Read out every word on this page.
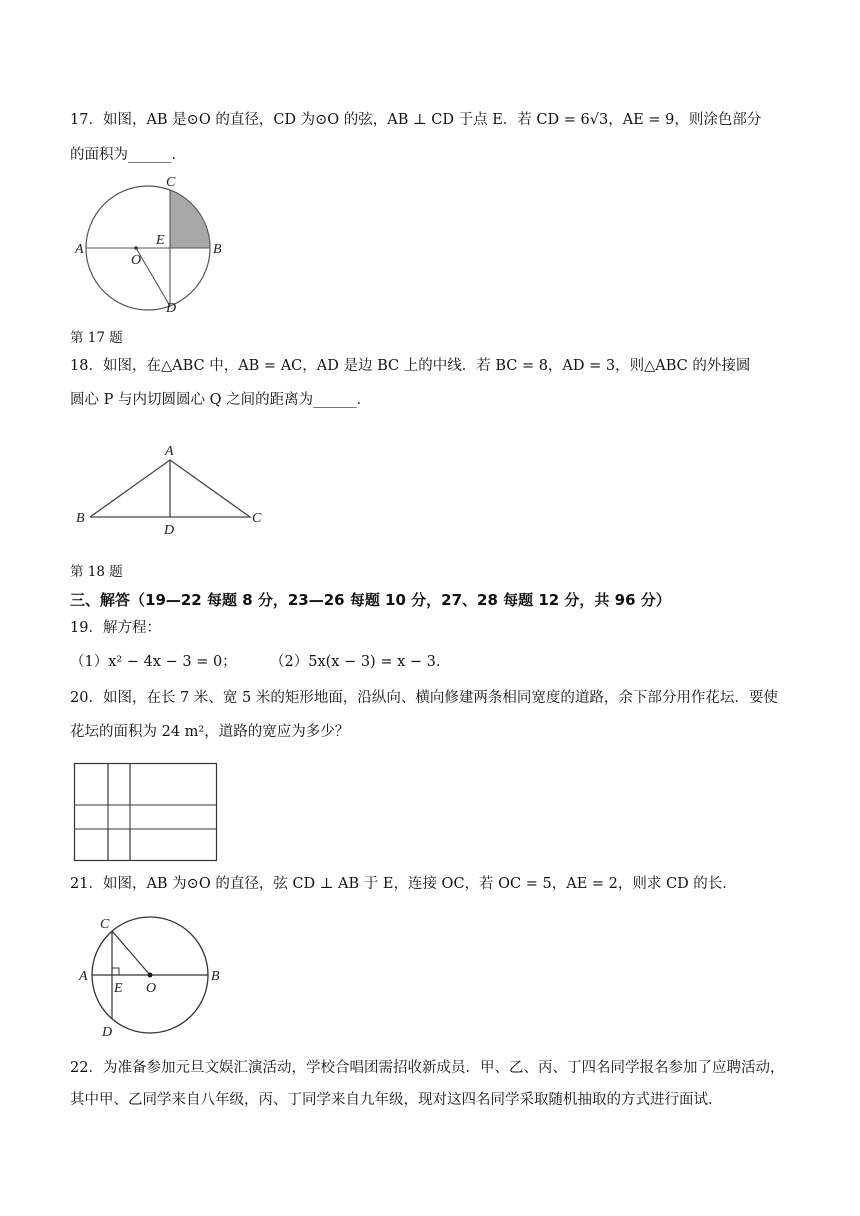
17．如图，AB 是⊙O 的直径，CD 为⊙O 的弦，AB ⊥ CD 于点 E．若 CD = 6√3，AE = 9，则涂色部分
的面积为______．
A	B
C
D
E
O
第 17 题
18．如图，在△ABC 中，AB = AC，AD 是边 BC 上的中线．若 BC = 8，AD = 3，则△ABC 的外接圆
圆心 P 与内切圆圆心 Q 之间的距离为______．
A
B	C
D
第 18 题
三、解答（19—22 每题 8 分，23—26 每题 10 分，27、28 每题 12 分，共 96 分）
19．解方程：
（1）x² − 4x − 3 = 0； （2）5x(x − 3) = x − 3．
20．如图，在长 7 米、宽 5 米的矩形地面，沿纵向、横向修建两条相同宽度的道路，余下部分用作花坛．要使
花坛的面积为 24 m²，道路的宽应为多少？
21．如图，AB 为⊙O 的直径，弦 CD ⊥ AB 于 E，连接 OC，若 OC = 5，AE = 2，则求 CD 的长．
A	B
C
D
E O
22．为准备参加元旦文娱汇演活动，学校合唱团需招收新成员．甲、乙、丙、丁四名同学报名参加了应聘活动，
其中甲、乙同学来自八年级，丙、丁同学来自九年级，现对这四名同学采取随机抽取的方式进行面试．
